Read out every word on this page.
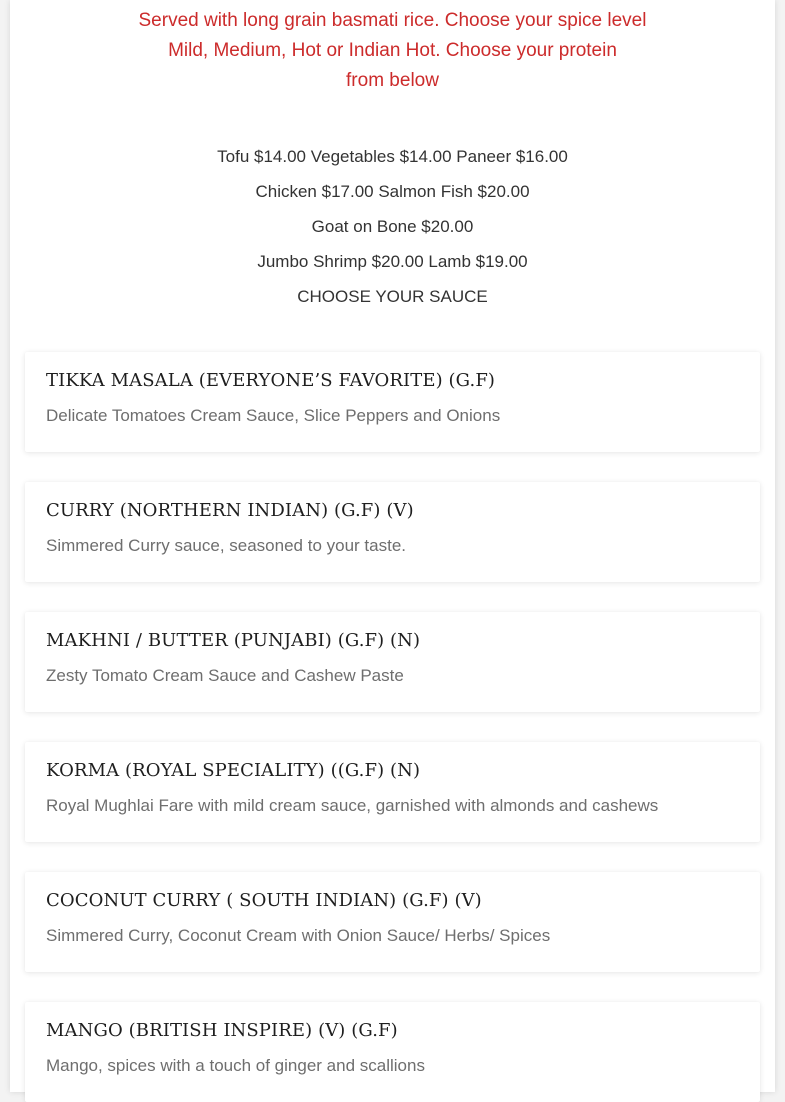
Served with long grain basmati rice. Choose your spice level
Mild, Medium, Hot or Indian Hot. Choose your protein
from below
Tofu $14.00 Vegetables $14.00 Paneer $16.00
Chicken $17.00 Salmon Fish $20.00
Goat on Bone $20.00
Jumbo Shrimp $20.00 Lamb $19.00
CHOOSE YOUR SAUCE
TIKKA MASALA (EVERYONE’S FAVORITE) (G.F)
Delicate Tomatoes Cream Sauce, Slice Peppers and Onions
CURRY (NORTHERN INDIAN) (G.F) (V)
Simmered Curry sauce, seasoned to your taste.
MAKHNI / BUTTER (PUNJABI) (G.F) (N)
Zesty Tomato Cream Sauce and Cashew Paste
KORMA (ROYAL SPECIALITY) ((G.F) (N)
Royal Mughlai Fare with mild cream sauce, garnished with almonds and cashews
COCONUT CURRY ( SOUTH INDIAN) (G.F) (V)
Simmered Curry, Coconut Cream with Onion Sauce/ Herbs/ Spices
MANGO (BRITISH INSPIRE) (V) (G.F)
Mango, spices with a touch of ginger and scallions
